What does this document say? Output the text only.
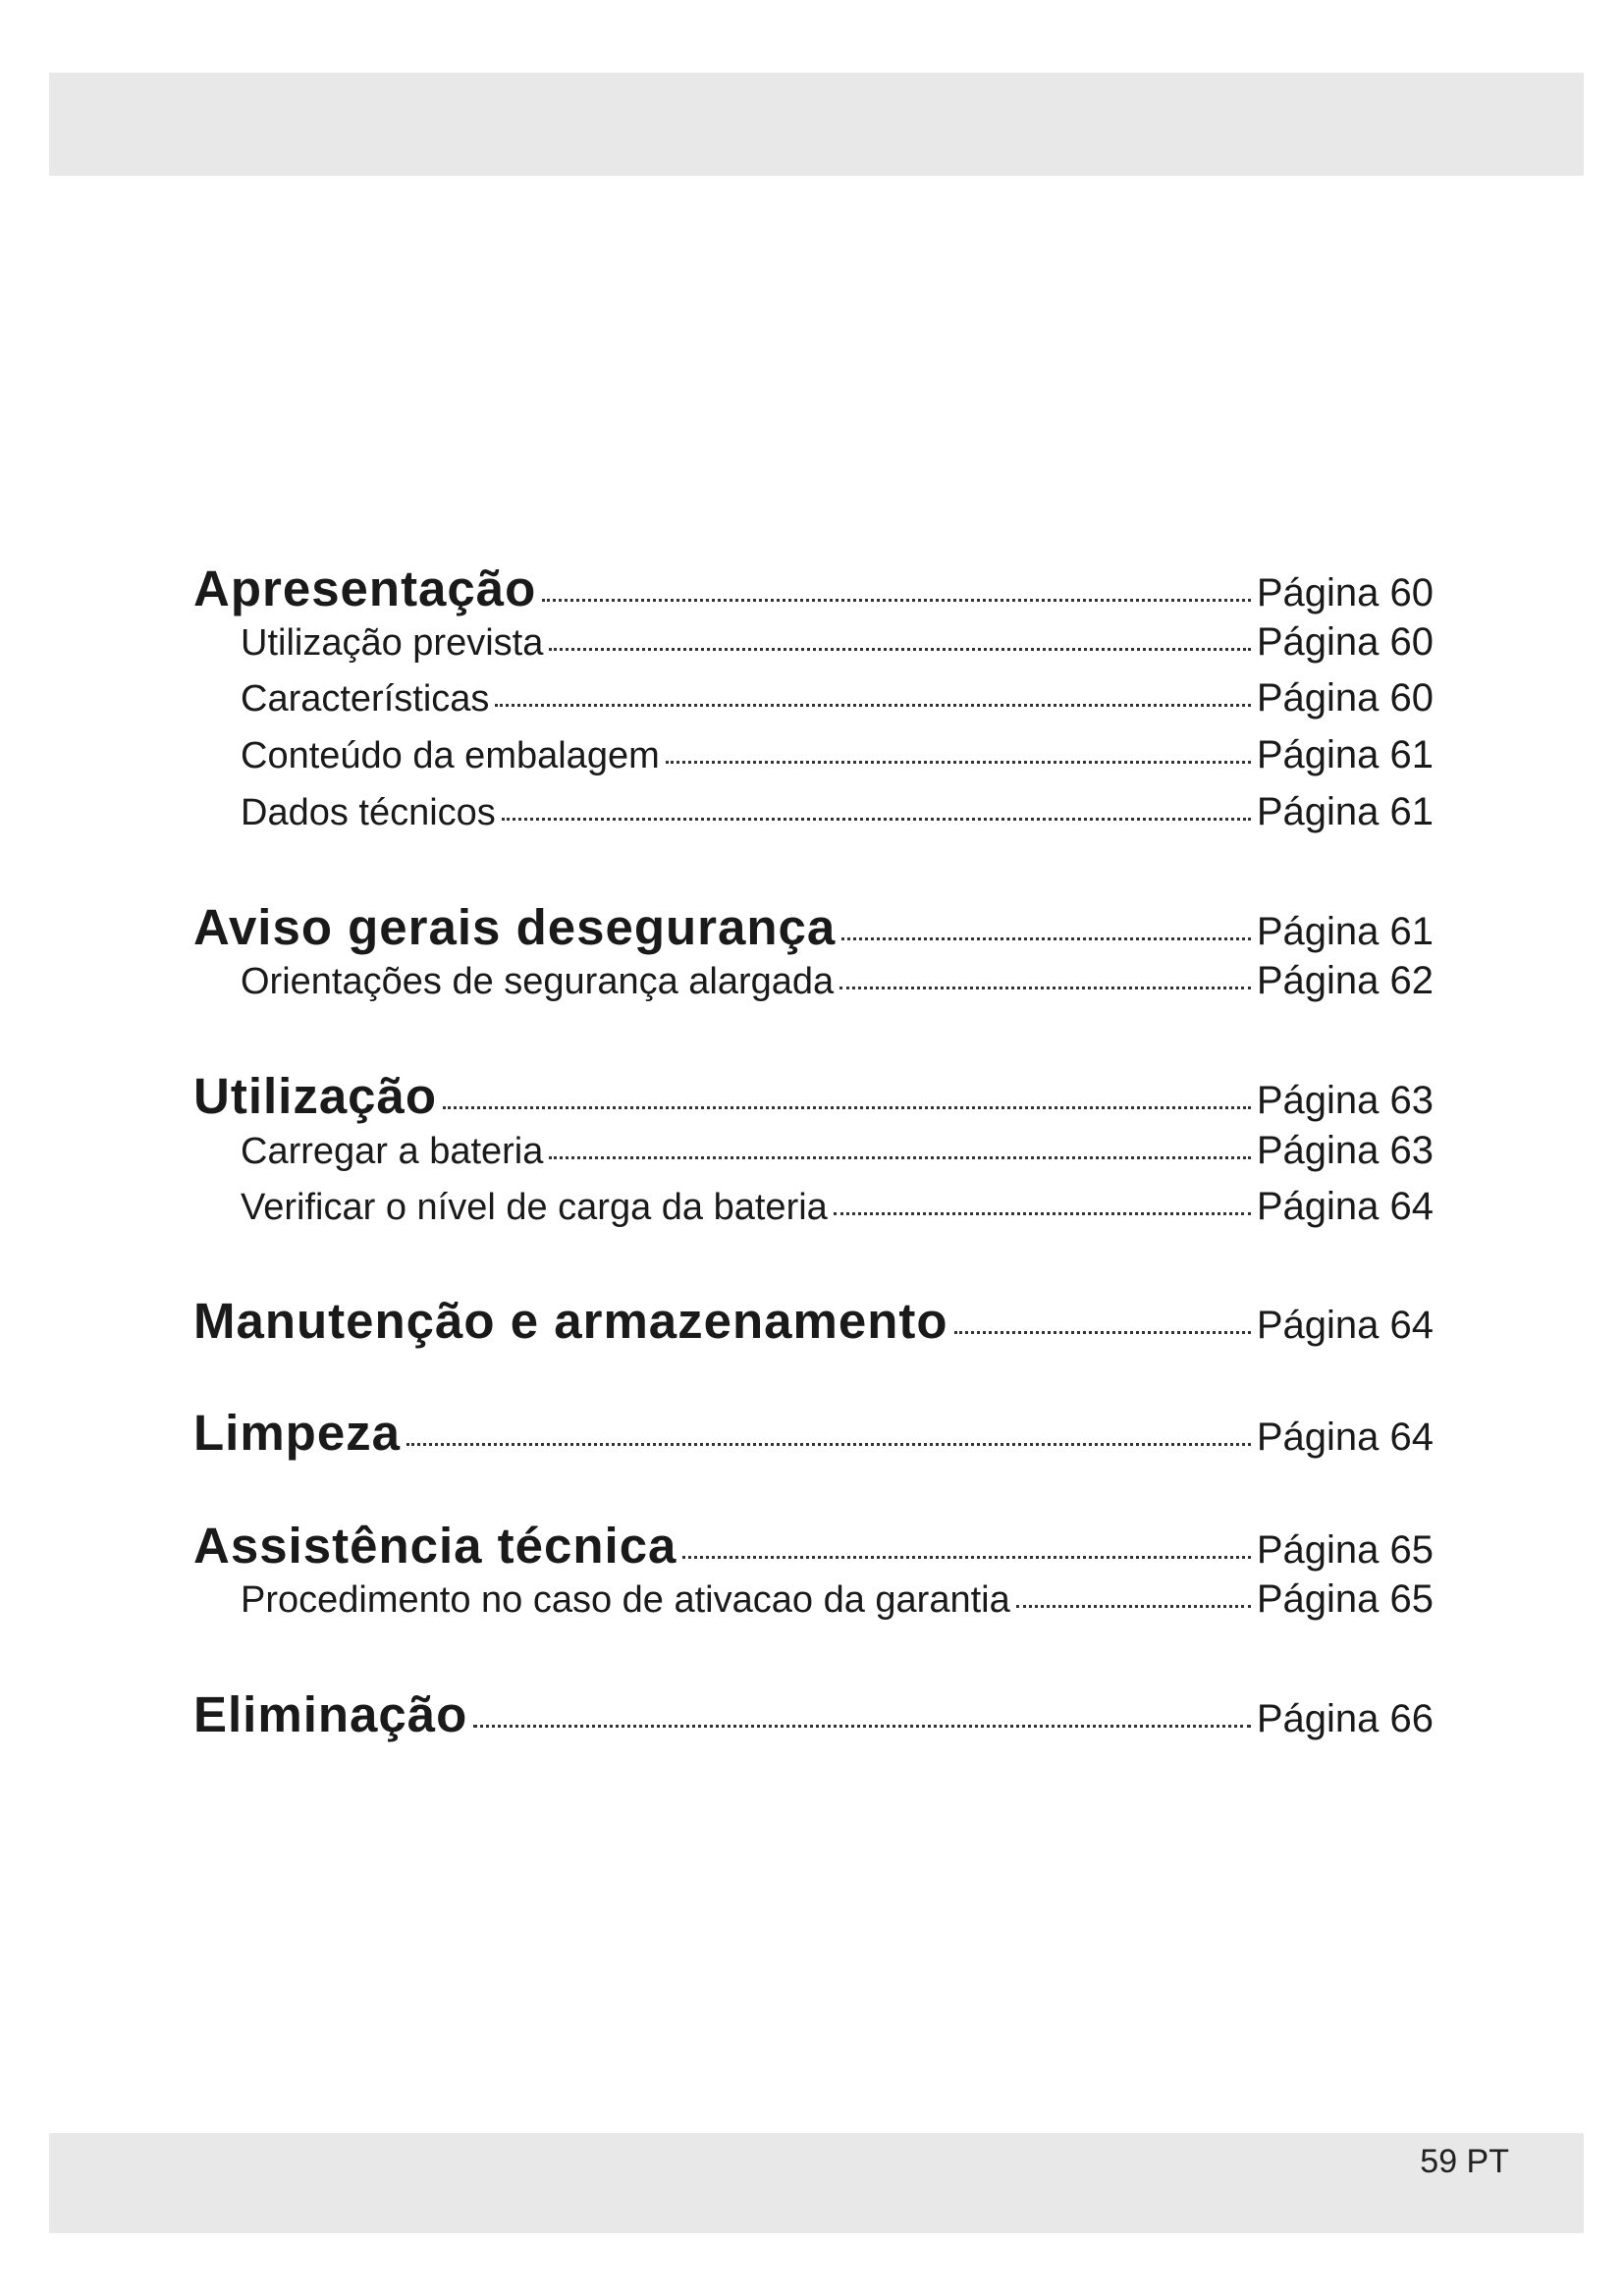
Apresentação	Página 60
Utilização prevista	Página 60
Características	Página 60
Conteúdo da embalagem	Página 61
Dados técnicos	Página 61
Aviso gerais desegurança	Página 61
Orientações de segurança alargada	Página 62
Utilização	Página 63
Carregar a bateria	Página 63
Verificar o nível de carga da bateria	Página 64
Manutenção e armazenamento	Página 64
Limpeza	Página 64
Assistência técnica	Página 65
Procedimento no caso de ativacao da garantia	Página 65
Eliminação	Página 66
59 PT
